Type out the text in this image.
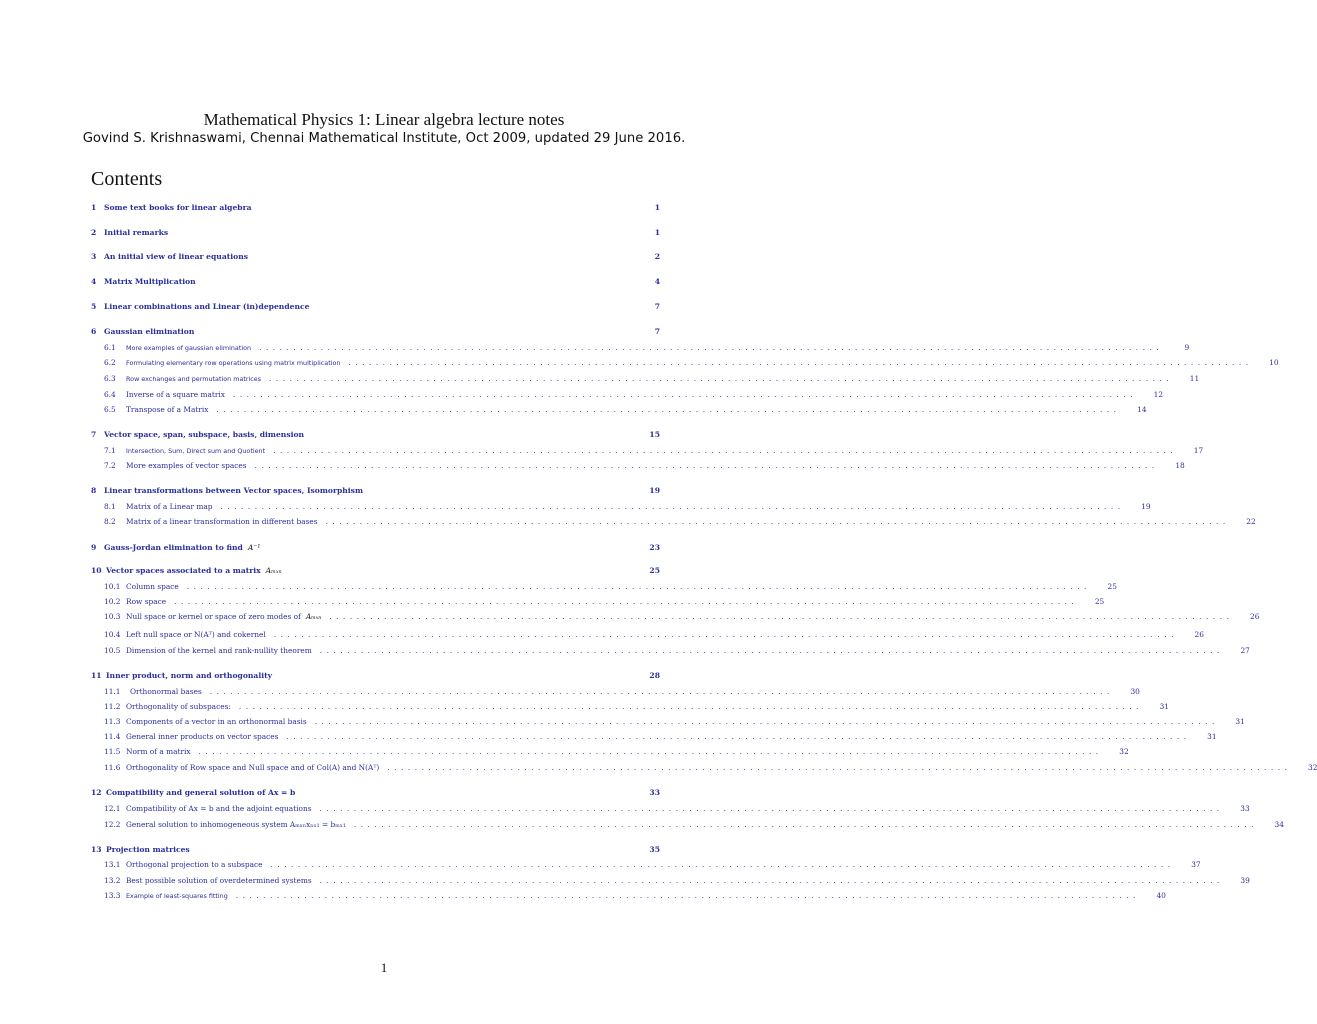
Mathematical Physics 1: Linear algebra lecture notes
Govind S. Krishnaswami, Chennai Mathematical Institute, Oct 2009, updated 29 June 2016.
Contents
1	Some text books for linear algebra	1
2	Initial remarks	1
3	An initial view of linear equations	2
4	Matrix Multiplication	4
5	Linear combinations and Linear (in)dependence	7
6	Gaussian elimination	7
6.1	More examples of gaussian elimination ....................................................................................................................................	9
6.2	Formulating elementary row operations using matrix multiplication ....................................................................................................................................	10
6.3	Row exchanges and permutation matrices ....................................................................................................................................	11
6.4	Inverse of a square matrix ....................................................................................................................................	12
6.5	Transpose of a Matrix ....................................................................................................................................	14
7	Vector space, span, subspace, basis, dimension	15
7.1	Intersection, Sum, Direct sum and Quotient ....................................................................................................................................	17
7.2	More examples of vector spaces ....................................................................................................................................	18
8	Linear transformations between Vector spaces, Isomorphism	19
8.1	Matrix of a Linear map ....................................................................................................................................	19
8.2	Matrix of a linear transformation in different bases ....................................................................................................................................	22
9	Gauss-Jordan elimination to find A⁻¹	23
10 Vector spaces associated to a matrix Aₘₓₙ	25
10.1 Column space ....................................................................................................................................	25
10.2 Row space ....................................................................................................................................	25
10.3 Null space or kernel or space of zero modes of Aₘₓₙ ....................................................................................................................................	26
10.4 Left null space or N(Aᵀ) and cokernel ....................................................................................................................................	26
10.5 Dimension of the kernel and rank-nullity theorem ....................................................................................................................................	27
11 Inner product, norm and orthogonality	28
11.1	Orthonormal bases ....................................................................................................................................	30
11.2 Orthogonality of subspaces: ....................................................................................................................................	31
11.3 Components of a vector in an orthonormal basis ....................................................................................................................................	31
11.4 General inner products on vector spaces ....................................................................................................................................	31
11.5 Norm of a matrix ....................................................................................................................................	32
11.6 Orthogonality of Row space and Null space and of Col(A) and N(Aᵀ) ....................................................................................................................................	32
12 Compatibility and general solution of Ax = b	33
12.1 Compatibility of Ax = b and the adjoint equations ....................................................................................................................................	33
12.2 General solution to inhomogeneous system Aₘₓₙxₙₓ₁ = bₘₓ₁ ....................................................................................................................................	34
13 Projection matrices	35
13.1 Orthogonal projection to a subspace ....................................................................................................................................	37
13.2 Best possible solution of overdetermined systems ....................................................................................................................................	39
13.3 Example of least-squares fitting ....................................................................................................................................	40
1
